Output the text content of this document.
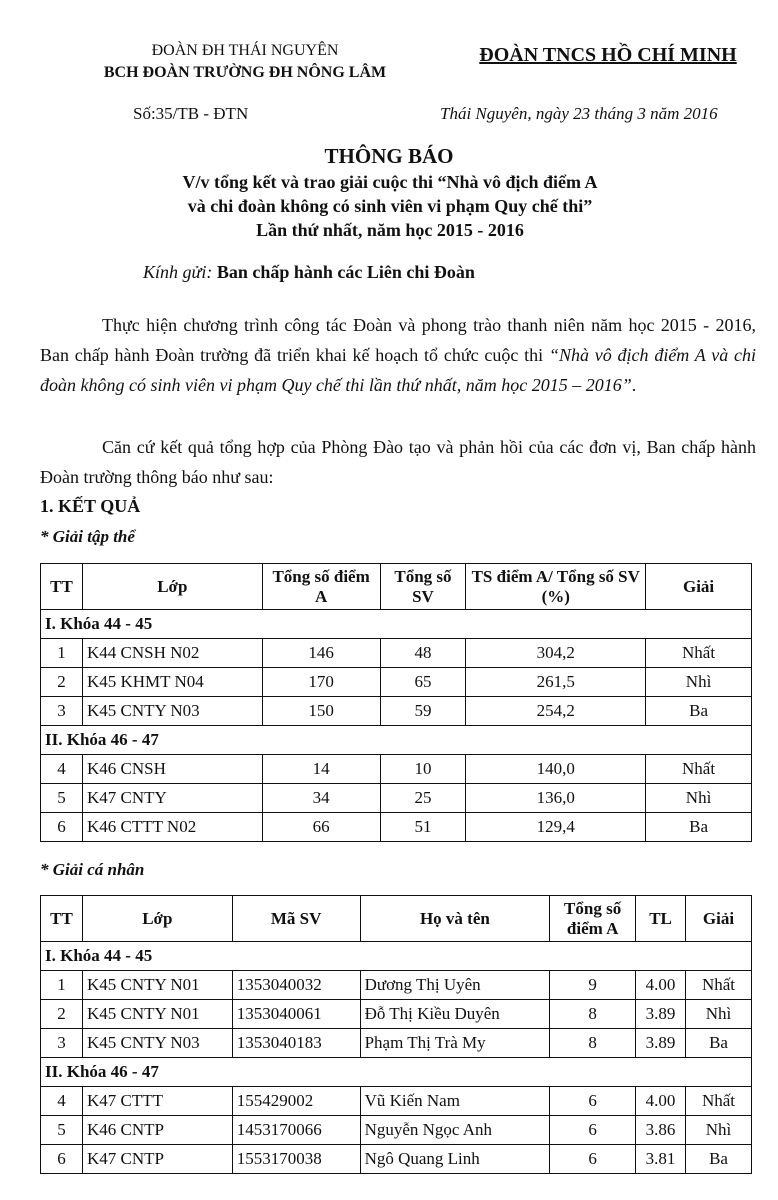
ĐOÀN ĐH THÁI NGUYÊN
BCH ĐOÀN TRƯỜNG ĐH NÔNG LÂM
ĐOÀN TNCS HỒ CHÍ MINH
Số:35/TB - ĐTN	Thái Nguyên, ngày 23 tháng 3 năm 2016
THÔNG BÁO
V/v tổng kết và trao giải cuộc thi “Nhà vô địch điểm A
và chi đoàn không có sinh viên vi phạm Quy chế thi”
Lần thứ nhất, năm học 2015 - 2016
Kính gửi: Ban chấp hành các Liên chi Đoàn
Thực hiện chương trình công tác Đoàn và phong trào thanh niên năm học 2015 - 2016, Ban chấp hành Đoàn trường đã triển khai kế hoạch tổ chức cuộc thi “Nhà vô địch điểm A và chi đoàn không có sinh viên vi phạm Quy chế thi lần thứ nhất, năm học 2015 – 2016”.
Căn cứ kết quả tổng hợp của Phòng Đào tạo và phản hồi của các đơn vị, Ban chấp hành Đoàn trường thông báo như sau:
1. KẾT QUẢ
* Giải tập thể
TT	Lớp	Tổng số điểm A	Tổng số SV	TS điểm A/ Tổng số SV (%)	Giải
I. Khóa 44 - 45					
1	K44 CNSH N02	146	48	304,2	Nhất
2	K45 KHMT N04	170	65	261,5	Nhì
3	K45 CNTY N03	150	59	254,2	Ba
II. Khóa 46 - 47					
4	K46 CNSH	14	10	140,0	Nhất
5	K47 CNTY	34	25	136,0	Nhì
6	K46 CTTT N02	66	51	129,4	Ba
* Giải cá nhân
TT	Lớp	Mã SV	Họ và tên	Tổng số điểm A	TL	Giải
I. Khóa 44 - 45						
1	K45 CNTY N01	1353040032	Dương Thị Uyên	9	4.00	Nhất
2	K45 CNTY N01	1353040061	Đỗ Thị Kiều Duyên	8	3.89	Nhì
3	K45 CNTY N03	1353040183	Phạm Thị Trà My	8	3.89	Ba
II. Khóa 46 - 47						
4	K47 CTTT	155429002	Vũ Kiến Nam	6	4.00	Nhất
5	K46 CNTP	1453170066	Nguyễn Ngọc Anh	6	3.86	Nhì
6	K47 CNTP	1553170038	Ngô Quang Linh	6	3.81	Ba
